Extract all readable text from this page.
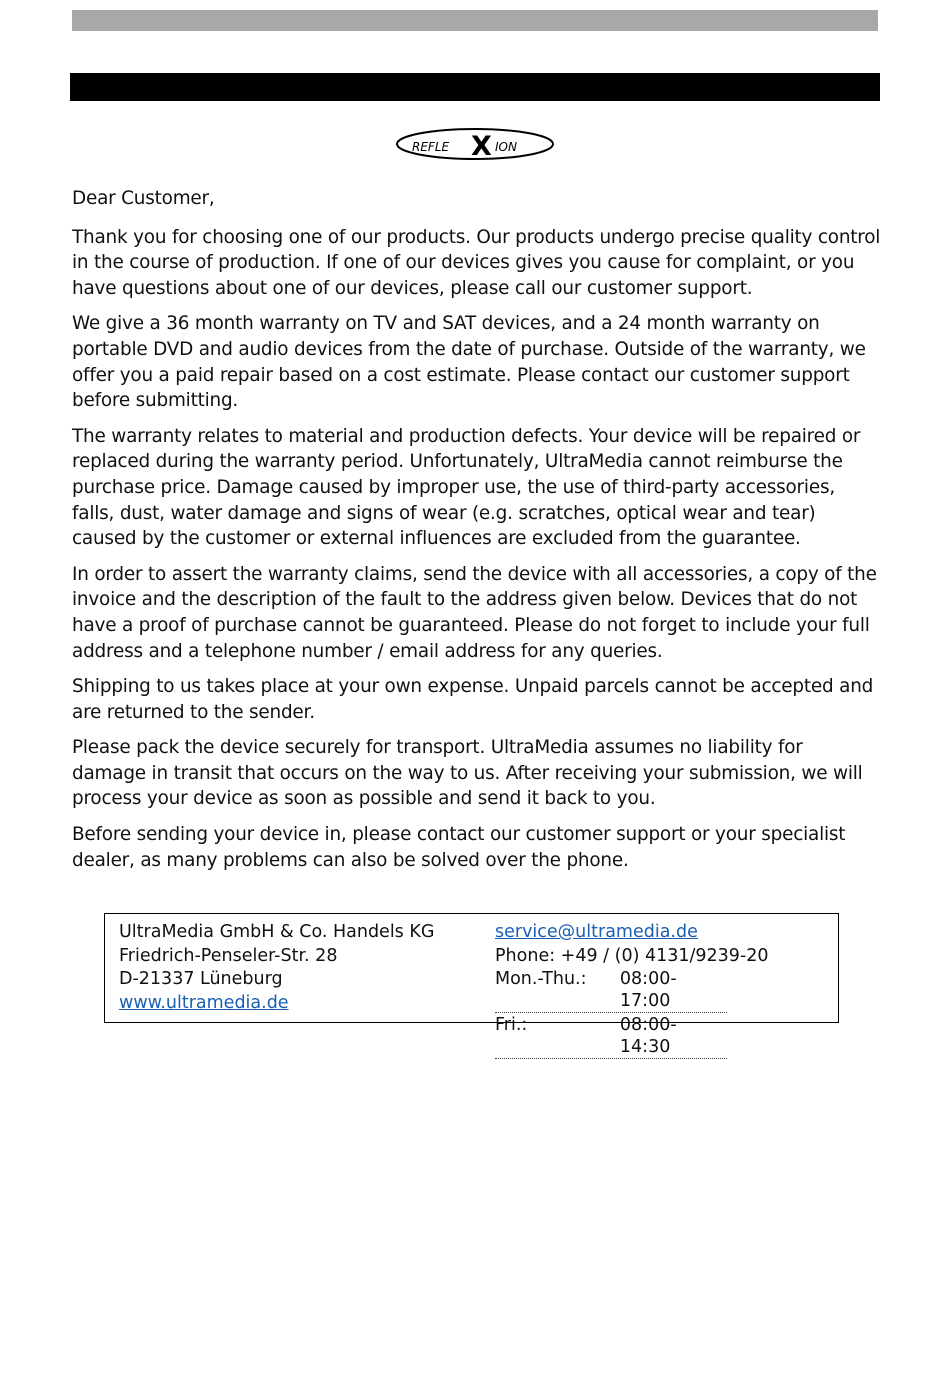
REFLE X ION

Dear Customer,

Thank you for choosing one of our products. Our products undergo precise quality control in the course of production. If one of our devices gives you cause for complaint, or you have questions about one of our devices, please call our customer support.

We give a 36 month warranty on TV and SAT devices, and a 24 month warranty on portable DVD and audio devices from the date of purchase. Outside of the warranty, we offer you a paid repair based on a cost estimate. Please contact our customer support before submitting.

The warranty relates to material and production defects. Your device will be repaired or replaced during the warranty period. Unfortunately, UltraMedia cannot reimburse the purchase price. Damage caused by improper use, the use of third-party accessories, falls, dust, water damage and signs of wear (e.g. scratches, optical wear and tear) caused by the customer or external influences are excluded from the guarantee.

In order to assert the warranty claims, send the device with all accessories, a copy of the invoice and the description of the fault to the address given below. Devices that do not have a proof of purchase cannot be guaranteed. Please do not forget to include your full address and a telephone number / email address for any queries.

Shipping to us takes place at your own expense. Unpaid parcels cannot be accepted and are returned to the sender.

Please pack the device securely for transport. UltraMedia assumes no liability for damage in transit that occurs on the way to us. After receiving your submission, we will process your device as soon as possible and send it back to you.

Before sending your device in, please contact our customer support or your specialist dealer, as many problems can also be solved over the phone.

UltraMedia GmbH & Co. Handels KG
Friedrich-Penseler-Str. 28
D-21337 Lüneburg
www.ultramedia.de
service@ultramedia.de
Phone: +49 / (0) 4131/9239-20
Mon.-Thu.:	08:00-17:00
Fri.:	08:00-14:30
